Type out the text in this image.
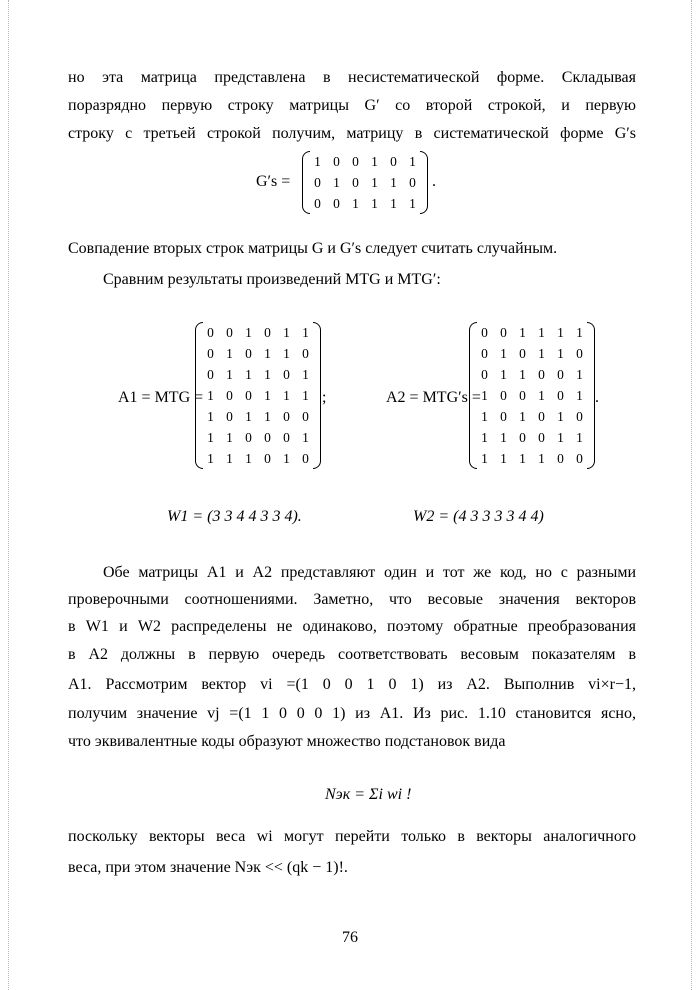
но эта матрица представлена в несистематической форме. Складывая
поразрядно первую строку матрицы G′ со второй строкой, и первую
строку с третьей строкой получим, матрицу в систематической форме G′s
G′s =
1	0	0	1	0	1
0	1	0	1	1	0
0	0	1	1	1	1
.
Совпадение вторых строк матрицы G и G′s следует считать случайным.
Сравним результаты произведений MTG и MTG′:
A1 = MTG =
0	0	1	0	1	1
0	1	0	1	1	0
0	1	1	1	0	1
1	0	0	1	1	1
1	0	1	1	0	0
1	1	0	0	0	1
1	1	1	0	1	0
;	A2 = MTG′s =
0	0	1	1	1	1
0	1	0	1	1	0
0	1	1	0	0	1
1	0	0	1	0	1
1	0	1	0	1	0
1	1	0	0	1	1
1	1	1	1	0	0
.
W1 = (3 3 4 4 3 3 4).	W2 = (4 3 3 3 3 4 4)
Обе матрицы A1 и A2 представляют один и тот же код, но с разными
проверочными соотношениями. Заметно, что весовые значения векторов
в W1 и W2 распределены не одинаково, поэтому обратные преобразования
в A2 должны в первую очередь соответствовать весовым показателям в
A1. Рассмотрим вектор vi =(1 0 0 1 0 1) из A2. Выполнив vi×r−1,
получим значение vj =(1 1 0 0 0 1) из A1. Из рис. 1.10 становится ясно,
что эквивалентные коды образуют множество подстановок вида
Nэк = Σi wi !
поскольку векторы веса wi могут перейти только в векторы аналогичного
веса, при этом значение Nэк << (qk − 1)!.
76
